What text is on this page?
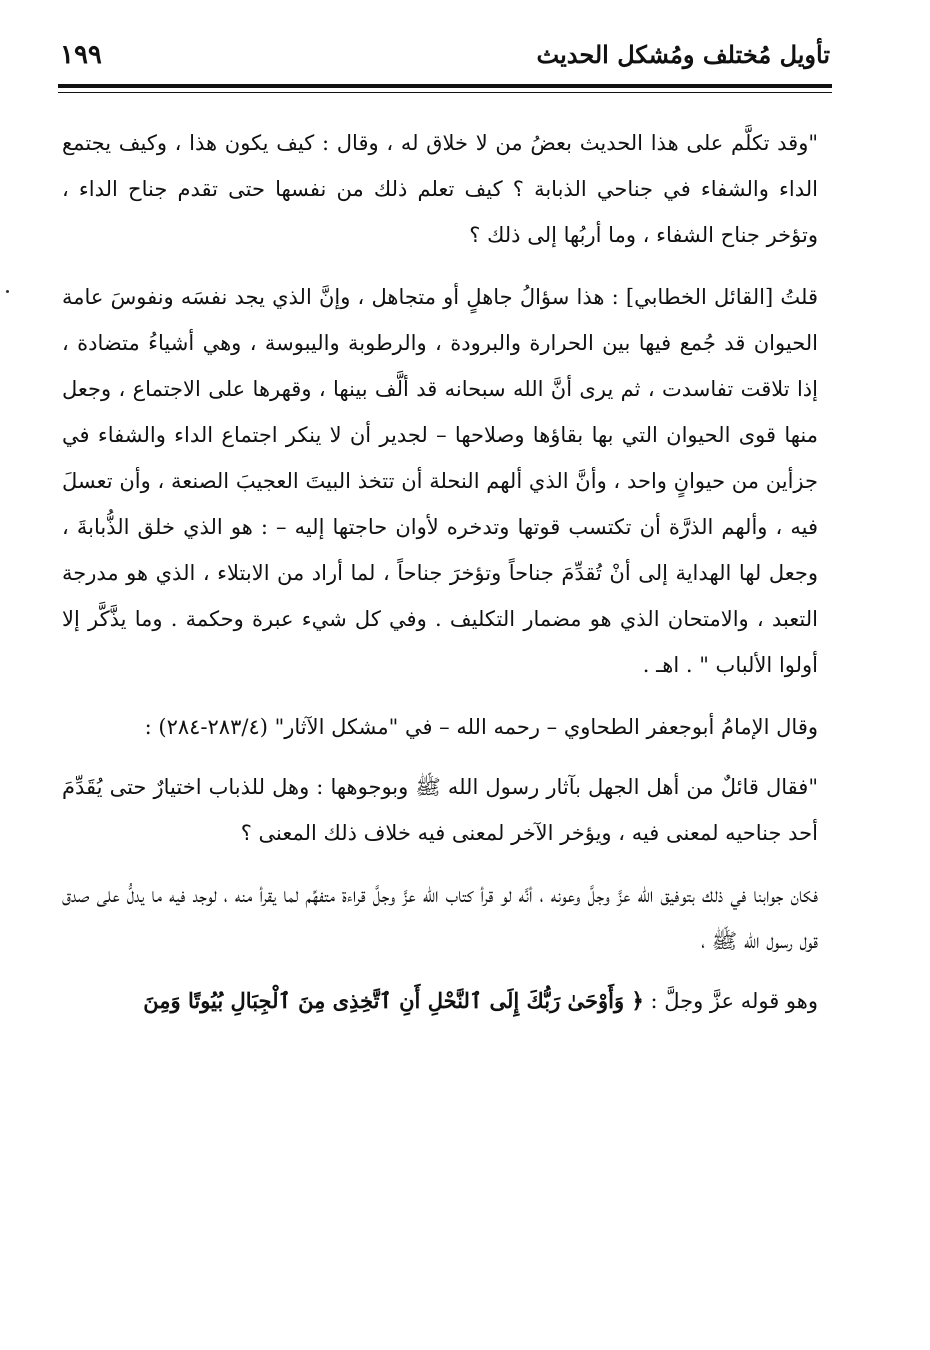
١٩٩	تأويل مُختلف ومُشكل الحديث

"وقد تكلَّم على هذا الحديث بعضُ من لا خلاق له ، وقال : كيف يكون هذا ، وكيف يجتمع الداء والشفاء في جناحي الذبابة ؟ كيف تعلم ذلك من نفسها حتى تقدم جناح الداء ، وتؤخر جناح الشفاء ، وما أربُها إلى ذلك ؟

قلتُ [القائل الخطابي] : هذا سؤالُ جاهلٍ أو متجاهل ، وإنَّ الذي يجد نفسَه ونفوسَ عامة الحيوان قد جُمع فيها بين الحرارة والبرودة ، والرطوبة واليبوسة ، وهي أشياءُ متضادة ، إذا تلاقت تفاسدت ، ثم يرى أنَّ الله سبحانه قد ألَّف بينها ، وقهرها على الاجتماع ، وجعل منها قوى الحيوان التي بها بقاؤها وصلاحها – لجدير أن لا ينكر اجتماع الداء والشفاء في جزأين من حيوانٍ واحد ، وأنَّ الذي ألهم النحلة أن تتخذ البيتَ العجيبَ الصنعة ، وأن تعسلَ فيه ، وألهم الذرَّة أن تكتسب قوتها وتدخره لأوان حاجتها إليه – : هو الذي خلق الذُّبابةَ ، وجعل لها الهداية إلى أنْ تُقدِّمَ جناحاً وتؤخرَ جناحاً ، لما أراد من الابتلاء ، الذي هو مدرجة التعبد ، والامتحان الذي هو مضمار التكليف . وفي كل شيء عبرة وحكمة . وما يذَّكَّر إلا أولوا الألباب " . اهـ .

وقال الإمامُ أبوجعفر الطحاوي – رحمه الله – في "مشكل الآثار" (٢٨٣/٤-٢٨٤) :

"فقال قائلٌ من أهل الجهل بآثار رسول الله ﷺ وبوجوهها : وهل للذباب اختيارٌ حتى يُقَدِّمَ أحد جناحيه لمعنى فيه ، ويؤخر الآخر لمعنى فيه خلاف ذلك المعنى ؟

فكان جوابنا في ذلك بتوفيق الله عزَّ وجلَّ وعونه ، أنَّه لو قرأ كتاب الله عزَّ وجلَّ قراءة متفهِّم لما يقرأ منه ، لوجد فيه ما يدلُّ على صدق قول رسول الله ﷺ ،

وهو قوله عزَّ وجلَّ : ﴿ وَأَوْحَىٰ رَبُّكَ إِلَى ٱلنَّحْلِ أَنِ ٱتَّخِذِى مِنَ ٱلْجِبَالِ بُيُوتًا وَمِنَ
